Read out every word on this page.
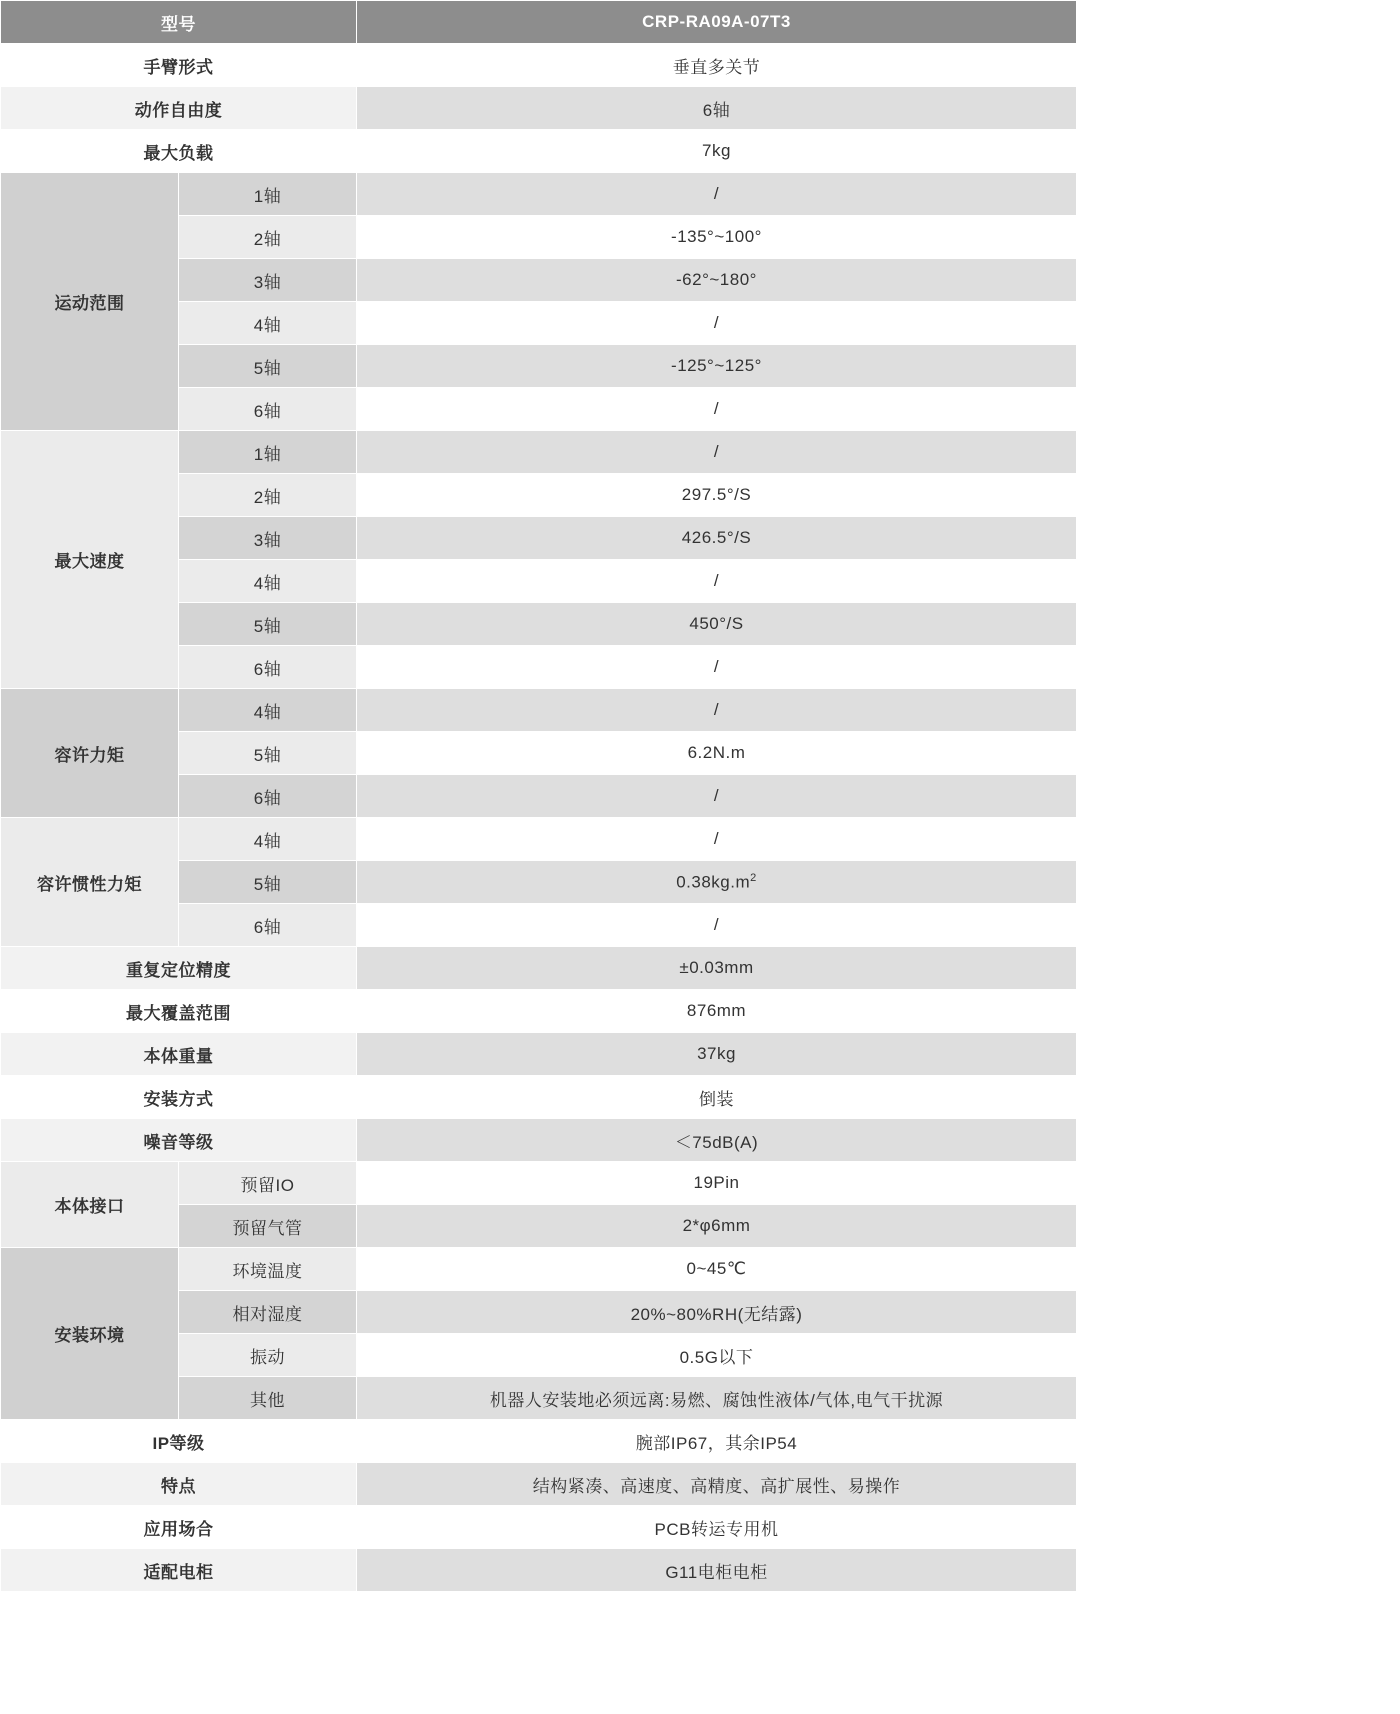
型号		CRP-RA09A-07T3
手臂形式		垂直多关节
动作自由度		6轴
最大负载		7kg
运动范围	1轴	/
	2轴	-135°~100°
	3轴	-62°~180°
	4轴	/
	5轴	-125°~125°
	6轴	/
最大速度	1轴	/
	2轴	297.5°/S
	3轴	426.5°/S
	4轴	/
	5轴	450°/S
	6轴	/
容许力矩	4轴	/
	5轴	6.2N.m
	6轴	/
容许惯性力矩	4轴	/
	5轴	$0.38kg.m^2$
	6轴	/
重复定位精度		±0.03mm
最大覆盖范围		876mm
本体重量		37kg
安装方式		倒装
噪音等级		＜75dB(A)
本体接口	预留IO	19Pin
	预留气管	2*φ6mm
安装环境	环境温度	0~45℃
	相对湿度	20%~80%RH(无结露)
	振动	0.5G以下
	其他	机器人安装地必须远离:易燃、腐蚀性液体/气体,电气干扰源
IP等级		腕部IP67，其余IP54
特点		结构紧凑、高速度、高精度、高扩展性、易操作
应用场合		PCB转运专用机
适配电柜		G11电柜电柜
